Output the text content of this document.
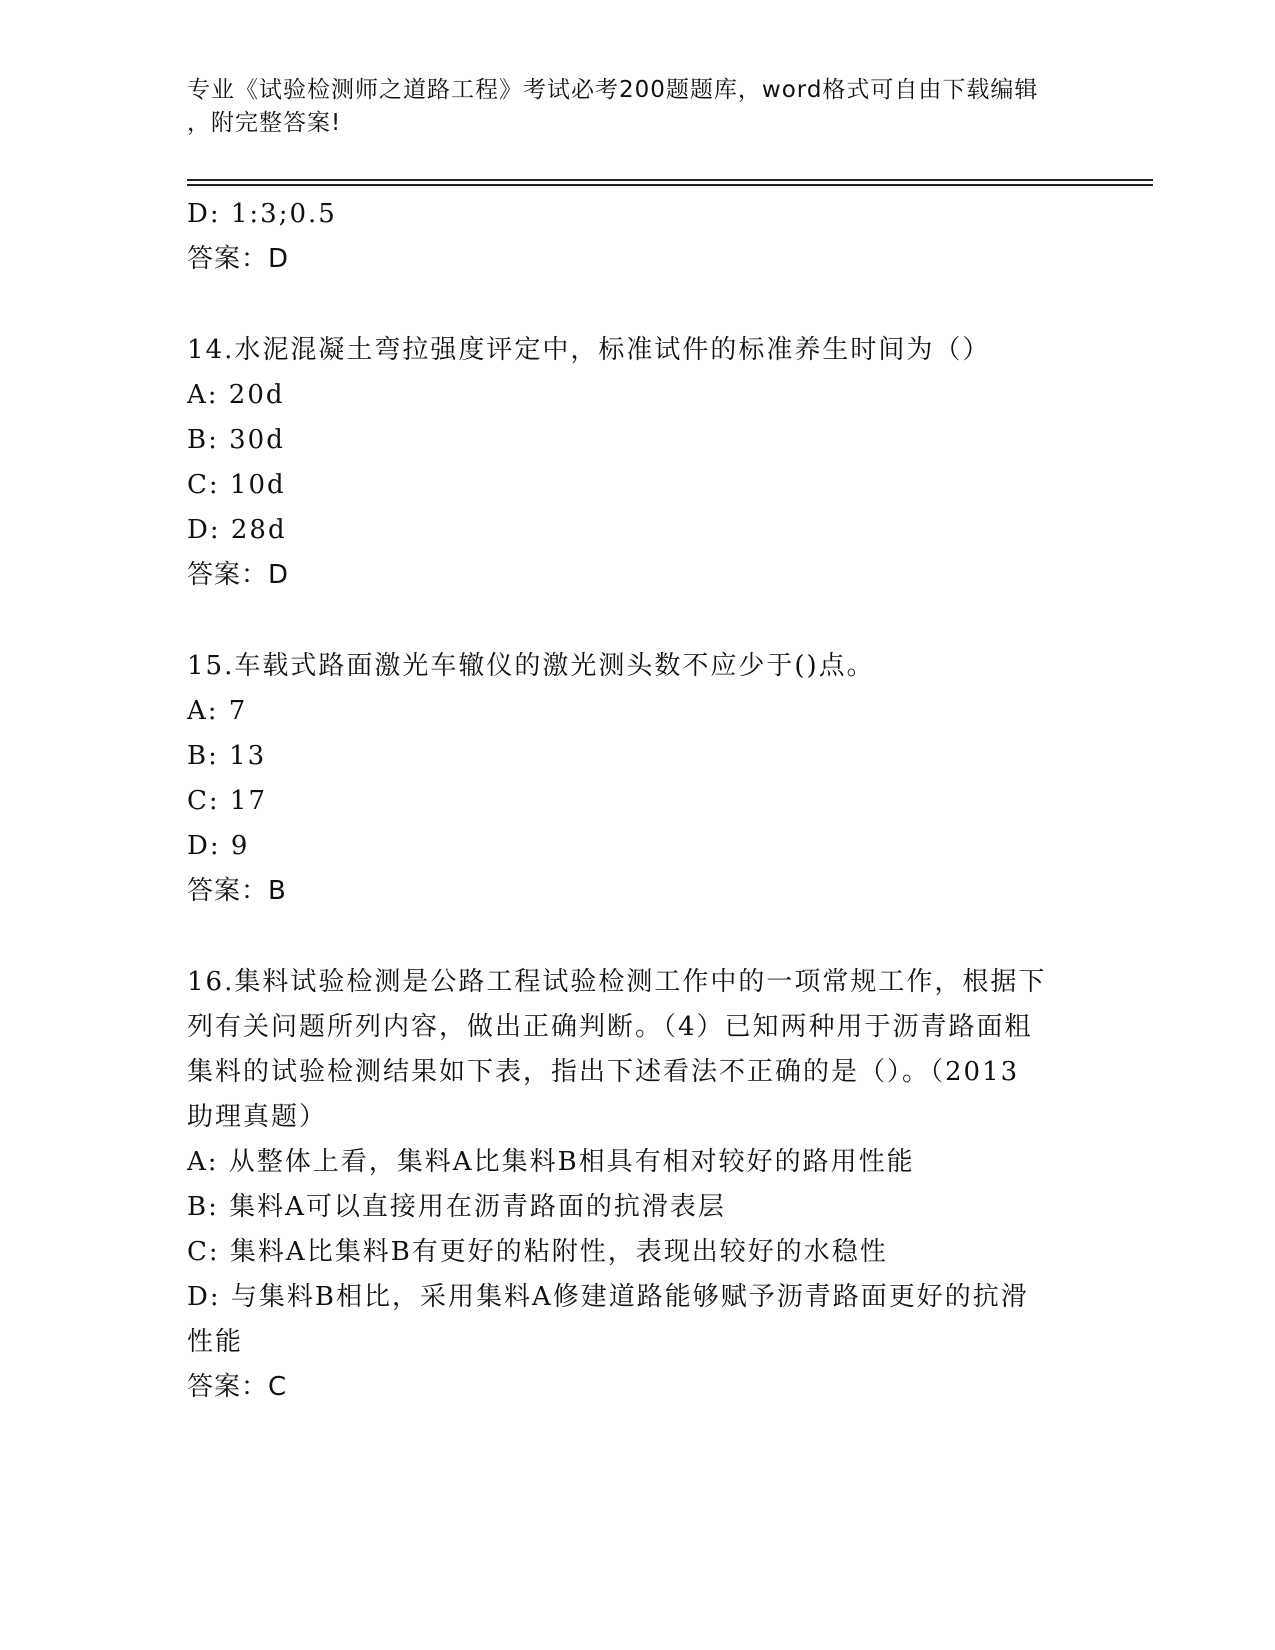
专业《试验检测师之道路工程》考试必考200题题库，word格式可自由下载编辑
，附完整答案!
D: 1:3;0.5
答案：D
14.水泥混凝土弯拉强度评定中，标准试件的标准养生时间为（）
A: 20d
B: 30d
C: 10d
D: 28d
答案：D
15.车载式路面激光车辙仪的激光测头数不应少于()点。
A: 7
B: 13
C: 17
D: 9
答案：B
16.集料试验检测是公路工程试验检测工作中的一项常规工作，根据下
列有关问题所列内容，做出正确判断。（4）已知两种用于沥青路面粗
集料的试验检测结果如下表，指出下述看法不正确的是（）。（2013
助理真题）
A: 从整体上看，集料A比集料B相具有相对较好的路用性能
B: 集料A可以直接用在沥青路面的抗滑表层
C: 集料A比集料B有更好的粘附性，表现出较好的水稳性
D: 与集料B相比，采用集料A修建道路能够赋予沥青路面更好的抗滑
性能
答案：C
